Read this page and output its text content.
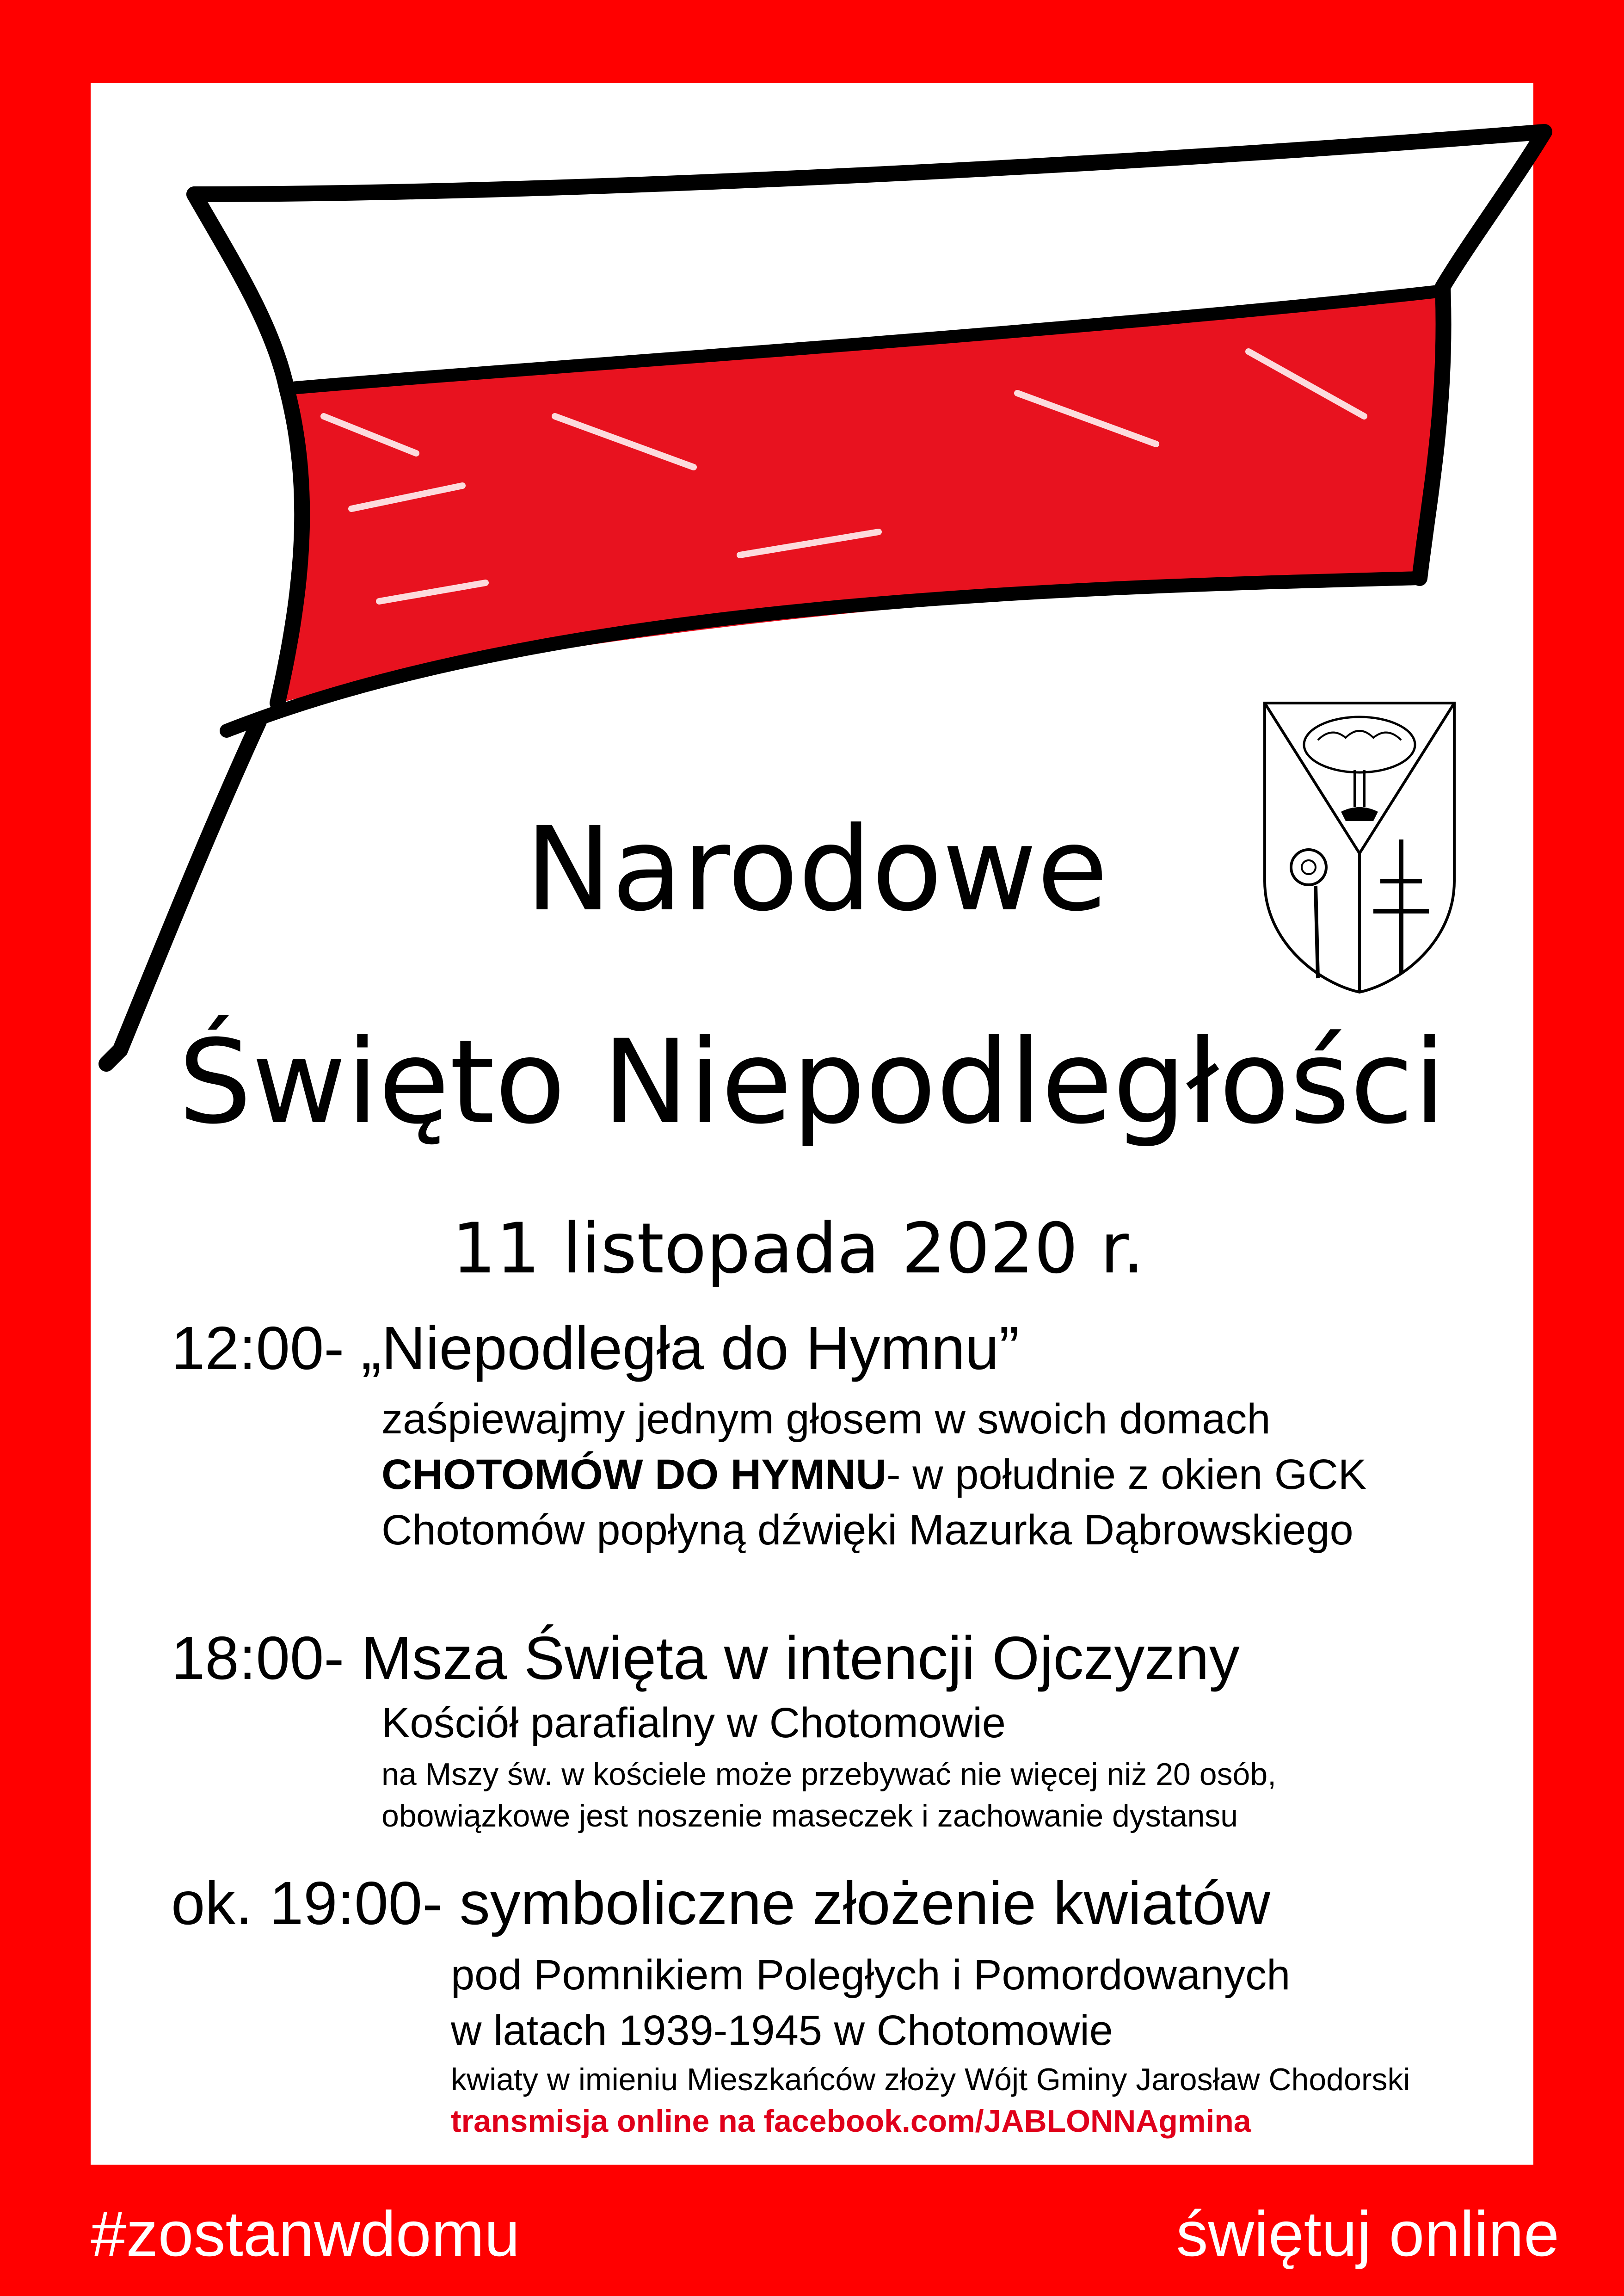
Narodowe
Święto Niepodległości
11 listopada 2020 r.
12:00- „Niepodległa do Hymnu”
zaśpiewajmy jednym głosem w swoich domach
CHOTOMÓW DO HYMNU- w południe z okien GCK
Chotomów popłyną dźwięki Mazurka Dąbrowskiego
18:00- Msza Święta w intencji Ojczyzny
Kościół parafialny w Chotomowie
na Mszy św. w kościele może przebywać nie więcej niż 20 osób,
obowiązkowe jest noszenie maseczek i zachowanie dystansu
ok. 19:00- symboliczne złożenie kwiatów
pod Pomnikiem Poległych i Pomordowanych
w latach 1939-1945 w Chotomowie
kwiaty w imieniu Mieszkańców złoży Wójt Gminy Jarosław Chodorski
transmisja online na facebook.com/JABLONNAgmina
#zostanwdomu	świętuj online
